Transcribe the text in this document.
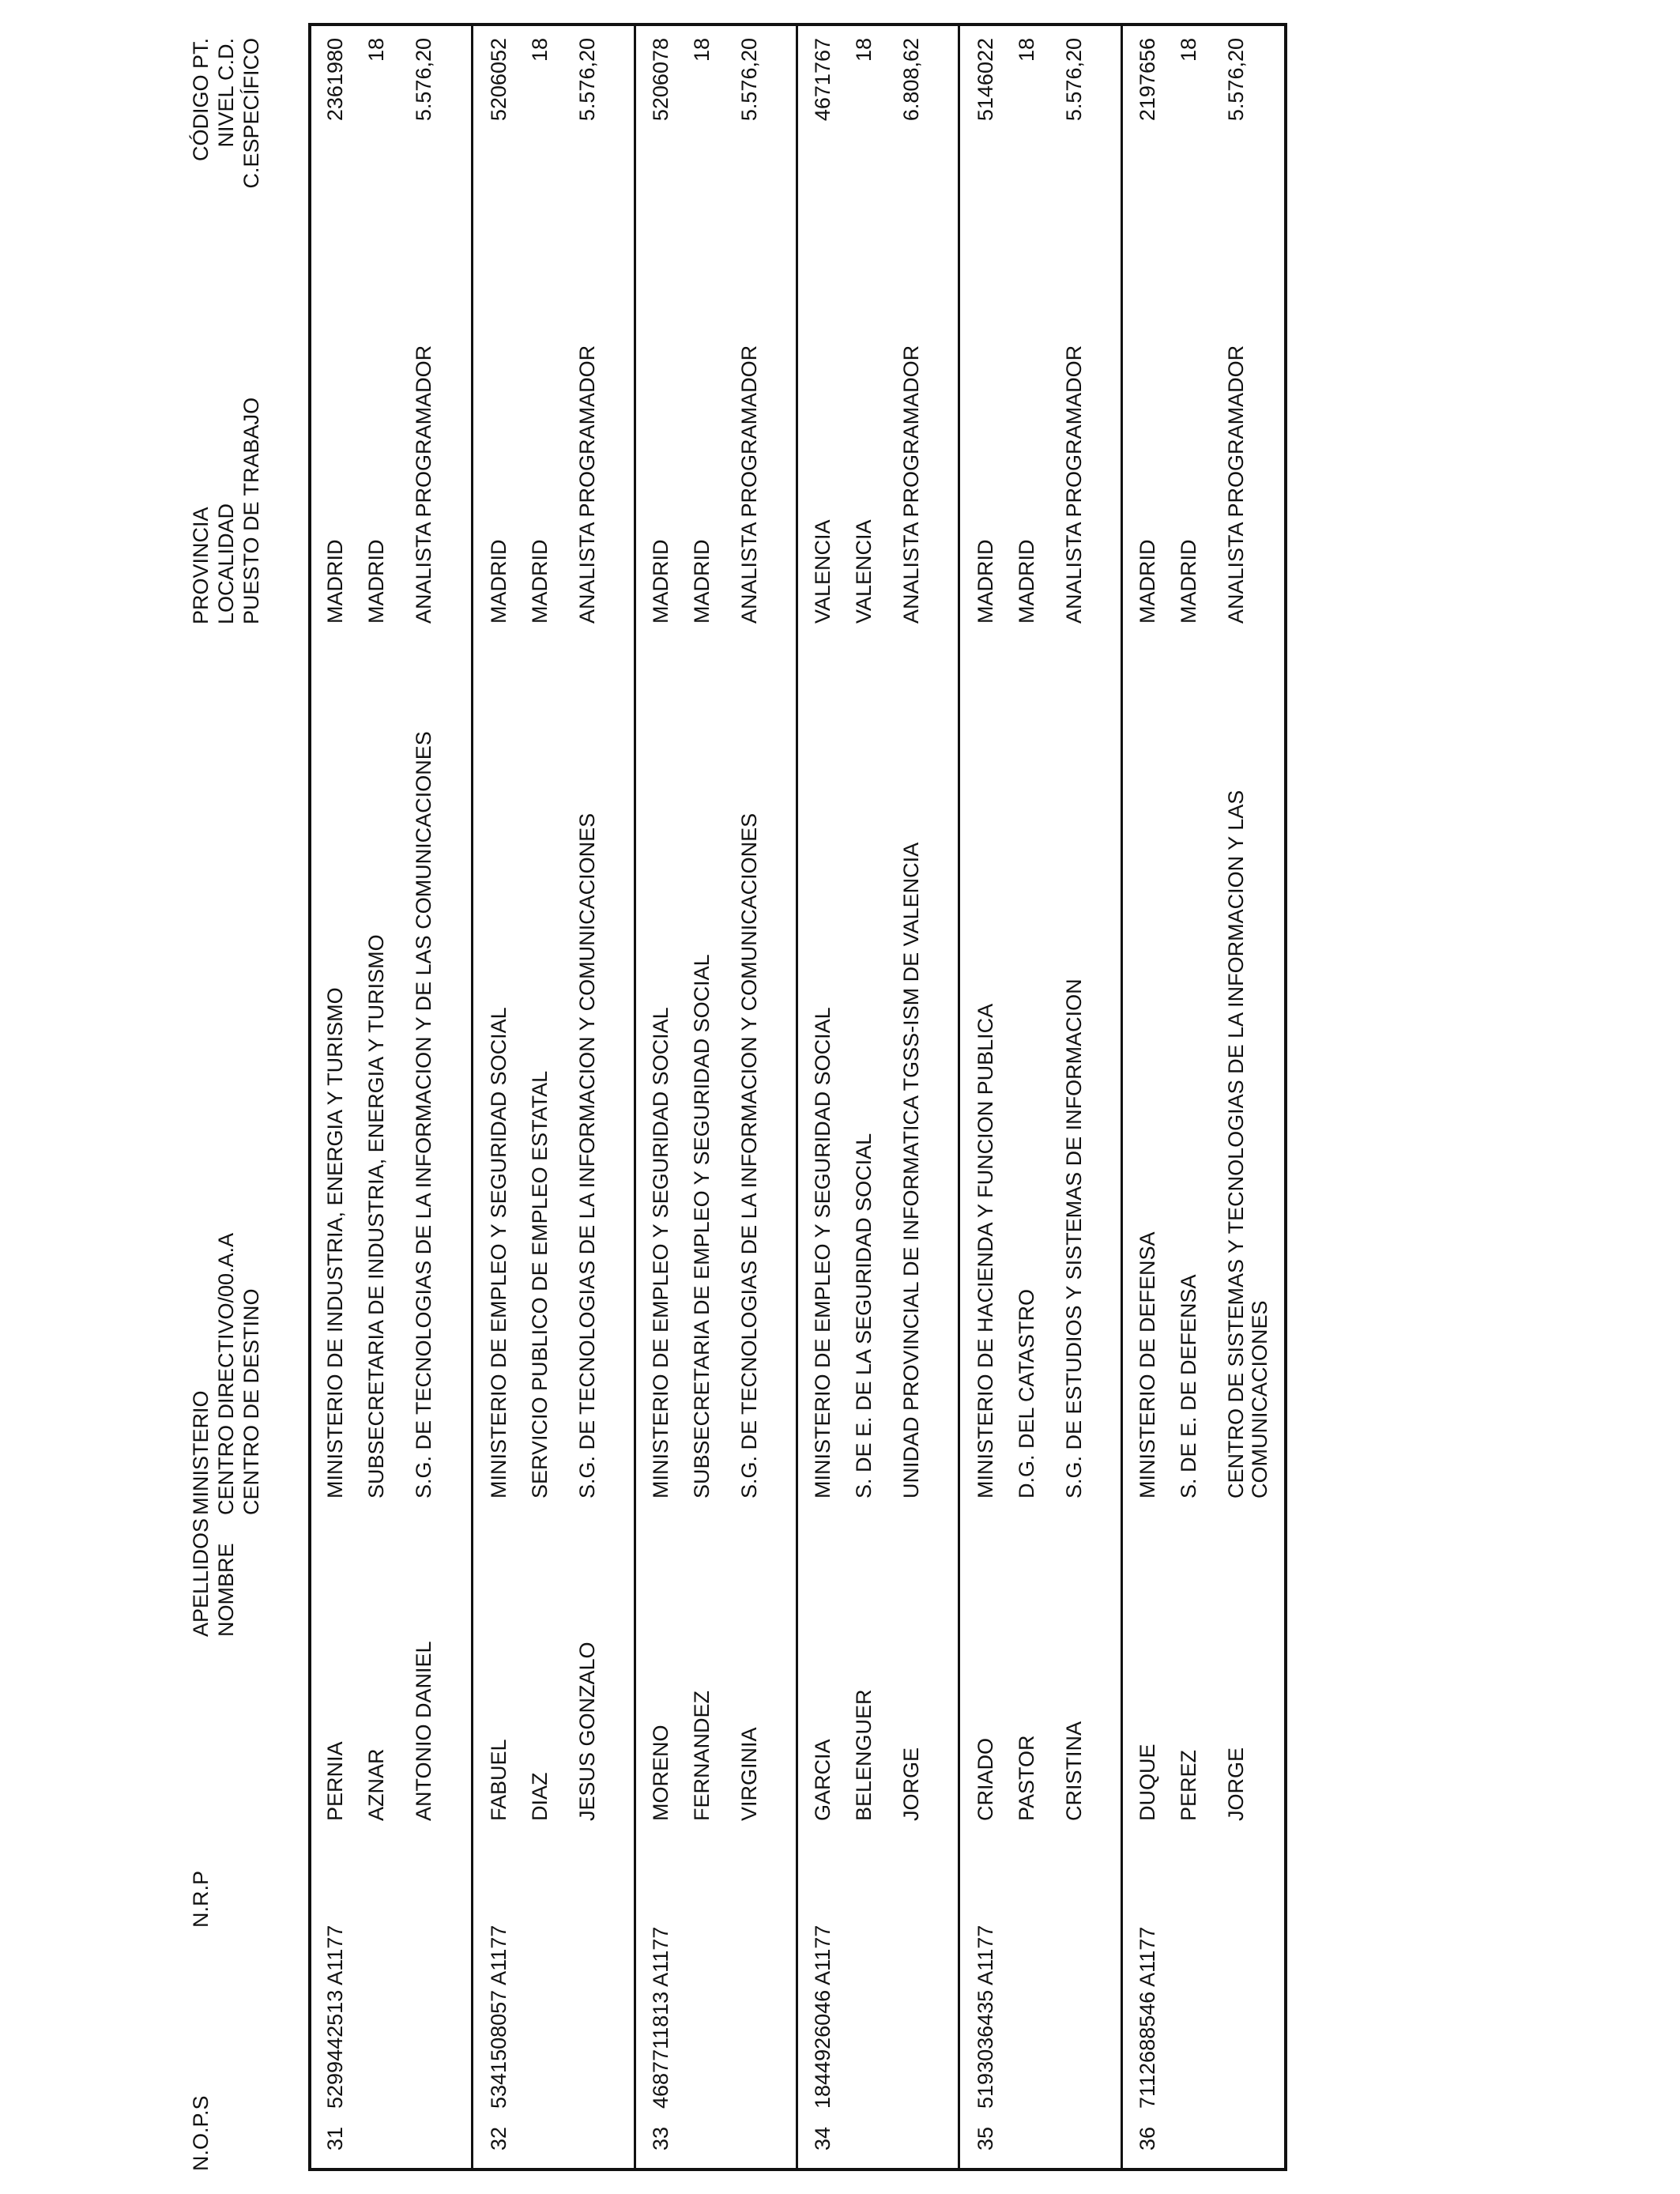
N.O.P.S
N.R.P
APELLIDOS NOMBRE
MINISTERIO CENTRO DIRECTIVO/00.A.A CENTRO DE DESTINO
PROVINCIA LOCALIDAD PUESTO DE TRABAJO
CÓDIGO PT. NIVEL C.D. C.ESPECÍFICO
31
5299442513 A1177
PERNIA AZNAR ANTONIO DANIEL
MINISTERIO DE INDUSTRIA, ENERGIA Y TURISMO SUBSECRETARIA DE INDUSTRIA, ENERGIA Y TURISMO S.G. DE TECNOLOGIAS DE LA INFORMACION Y DE LAS COMUNICACIONES
MADRID MADRID ANALISTA PROGRAMADOR
2361980 18 5.576,20
32
5341508057 A1177
FABUEL DIAZ JESUS GONZALO
MINISTERIO DE EMPLEO Y SEGURIDAD SOCIAL SERVICIO PUBLICO DE EMPLEO ESTATAL S.G. DE TECNOLOGIAS DE LA INFORMACION Y COMUNICACIONES
MADRID MADRID ANALISTA PROGRAMADOR
5206052 18 5.576,20
33
4687711813 A1177
MORENO FERNANDEZ VIRGINIA
MINISTERIO DE EMPLEO Y SEGURIDAD SOCIAL SUBSECRETARIA DE EMPLEO Y SEGURIDAD SOCIAL S.G. DE TECNOLOGIAS DE LA INFORMACION Y COMUNICACIONES
MADRID MADRID ANALISTA PROGRAMADOR
5206078 18 5.576,20
34
1844926046 A1177
GARCIA BELENGUER JORGE
MINISTERIO DE EMPLEO Y SEGURIDAD SOCIAL S. DE E. DE LA SEGURIDAD SOCIAL UNIDAD PROVINCIAL DE INFORMATICA TGSS-ISM DE VALENCIA
VALENCIA VALENCIA ANALISTA PROGRAMADOR
4671767 18 6.808,62
35
5193036435 A1177
CRIADO PASTOR CRISTINA
MINISTERIO DE HACIENDA Y FUNCION PUBLICA D.G. DEL CATASTRO S.G. DE ESTUDIOS Y SISTEMAS DE INFORMACION
MADRID MADRID ANALISTA PROGRAMADOR
5146022 18 5.576,20
36
7112688546 A1177
DUQUE PEREZ JORGE
MINISTERIO DE DEFENSA S. DE E. DE DEFENSA CENTRO DE SISTEMAS Y TECNOLOGIAS DE LA INFORMACION Y LAS COMUNICACIONES
MADRID MADRID ANALISTA PROGRAMADOR
2197656 18 5.576,20
